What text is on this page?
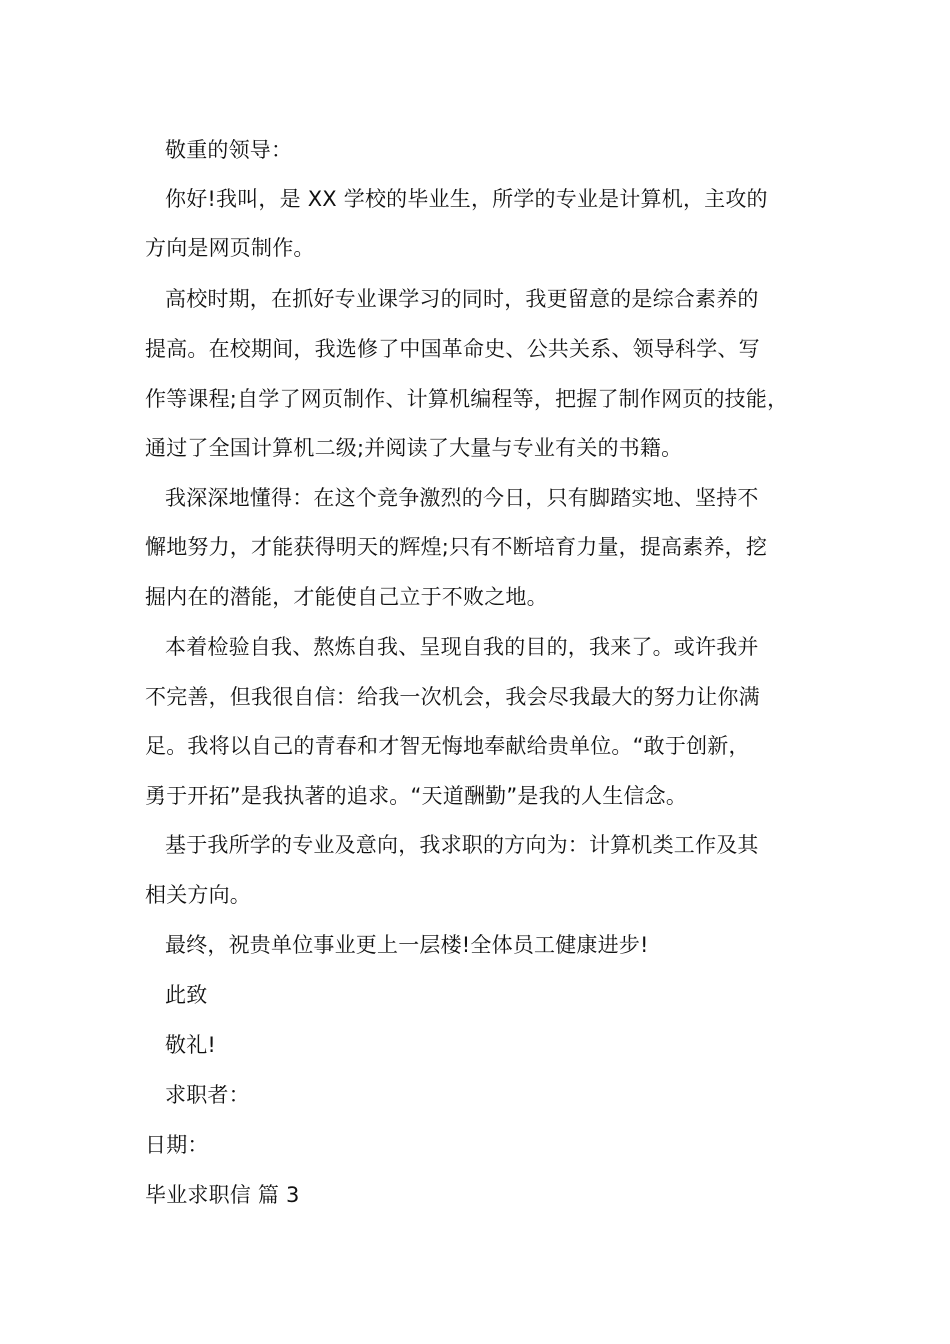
敬重的领导：
你好!我叫，是 XX 学校的毕业生，所学的专业是计算机，主攻的
方向是网页制作。
高校时期，在抓好专业课学习的同时，我更留意的是综合素养的
提高。在校期间，我选修了中国革命史、公共关系、领导科学、写
作等课程;自学了网页制作、计算机编程等，把握了制作网页的技能，
通过了全国计算机二级;并阅读了大量与专业有关的书籍。
我深深地懂得：在这个竞争激烈的今日，只有脚踏实地、坚持不
懈地努力，才能获得明天的辉煌;只有不断培育力量，提高素养，挖
掘内在的潜能，才能使自己立于不败之地。
本着检验自我、熬炼自我、呈现自我的目的，我来了。或许我并
不完善，但我很自信：给我一次机会，我会尽我最大的努力让你满
足。我将以自己的青春和才智无悔地奉献给贵单位。“敢于创新，
勇于开拓”是我执著的追求。“天道酬勤”是我的人生信念。
基于我所学的专业及意向，我求职的方向为：计算机类工作及其
相关方向。
最终，祝贵单位事业更上一层楼!全体员工健康进步!
此致
敬礼!
求职者：
日期：
毕业求职信 篇 3
